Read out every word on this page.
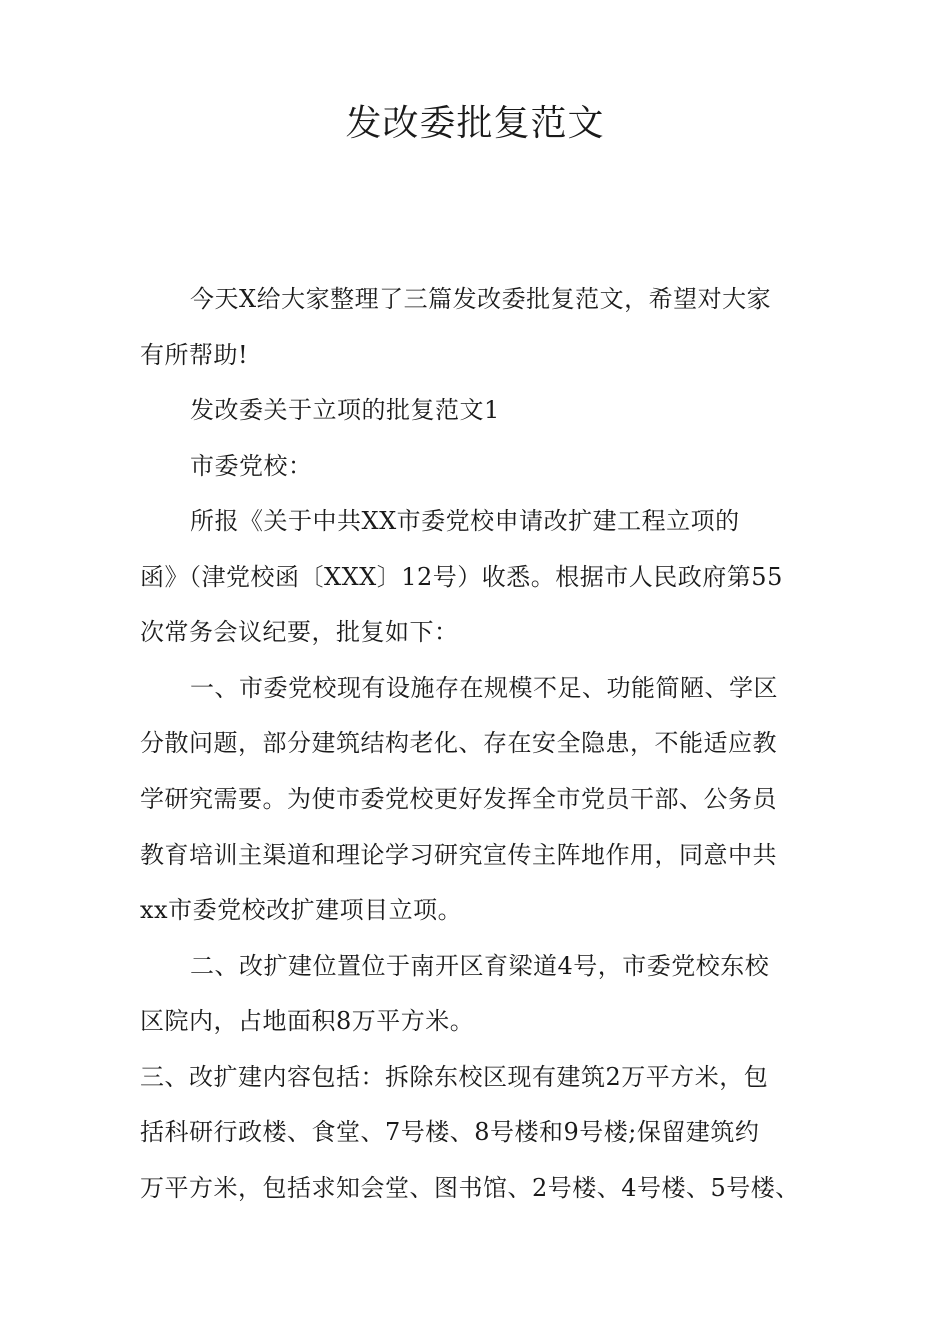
发改委批复范文
今天X给大家整理了三篇发改委批复范文，希望对大家
有所帮助!
发改委关于立项的批复范文1
市委党校：
所报《关于中共XX市委党校申请改扩建工程立项的
函》（津党校函〔XXX〕12号）收悉。根据市人民政府第55
次常务会议纪要，批复如下：
一、市委党校现有设施存在规模不足、功能简陋、学区
分散问题，部分建筑结构老化、存在安全隐患，不能适应教
学研究需要。为使市委党校更好发挥全市党员干部、公务员
教育培训主渠道和理论学习研究宣传主阵地作用，同意中共
xx市委党校改扩建项目立项。
二、改扩建位置位于南开区育梁道4号，市委党校东校
区院内，占地面积8万平方米。
三、改扩建内容包括：拆除东校区现有建筑2万平方米，包
括科研行政楼、食堂、7号楼、8号楼和9号楼;保留建筑约
万平方米，包括求知会堂、图书馆、2号楼、4号楼、5号楼、
